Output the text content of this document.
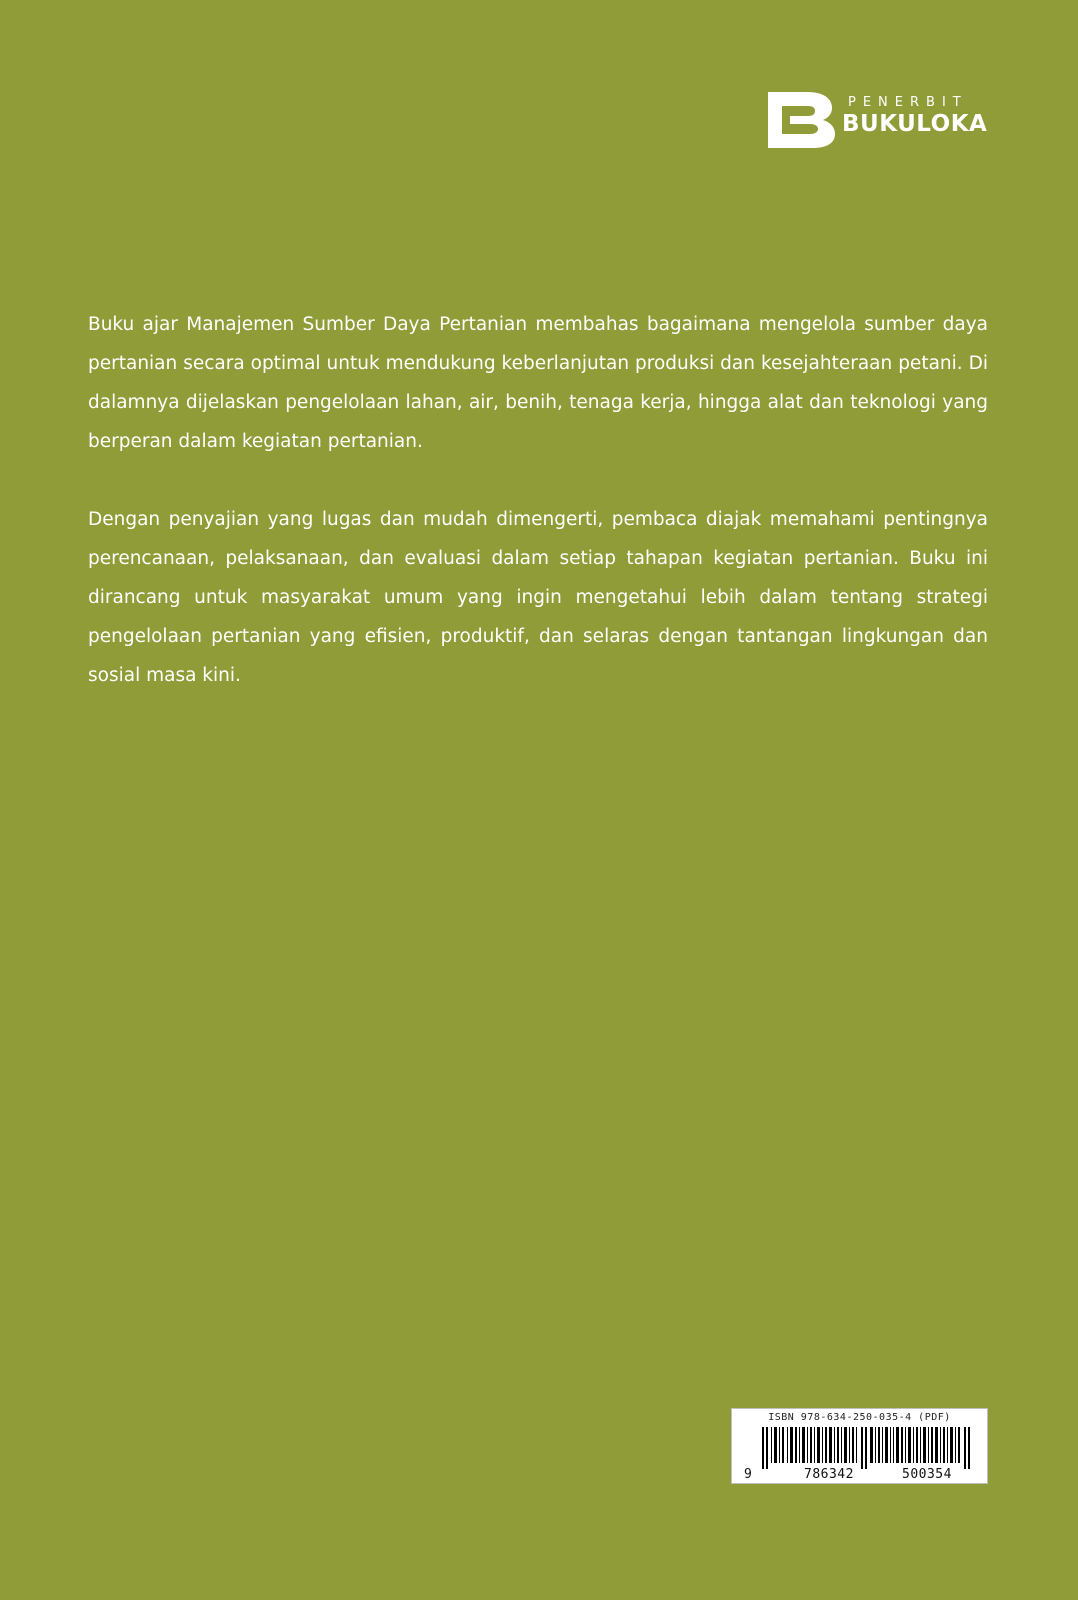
PENERBIT
BUKULOKA

Buku ajar Manajemen Sumber Daya Pertanian membahas bagaimana mengelola sumber daya pertanian secara optimal untuk mendukung keberlanjutan produksi dan kesejahteraan petani. Di dalamnya dijelaskan pengelolaan lahan, air, benih, tenaga kerja, hingga alat dan teknologi yang berperan dalam kegiatan pertanian.

Dengan penyajian yang lugas dan mudah dimengerti, pembaca diajak memahami pentingnya perencanaan, pelaksanaan, dan evaluasi dalam setiap tahapan kegiatan pertanian. Buku ini dirancang untuk masyarakat umum yang ingin mengetahui lebih dalam tentang strategi pengelolaan pertanian yang efisien, produktif, dan selaras dengan tantangan lingkungan dan sosial masa kini.

ISBN 978-634-250-035-4 (PDF)
9	786342	500354
